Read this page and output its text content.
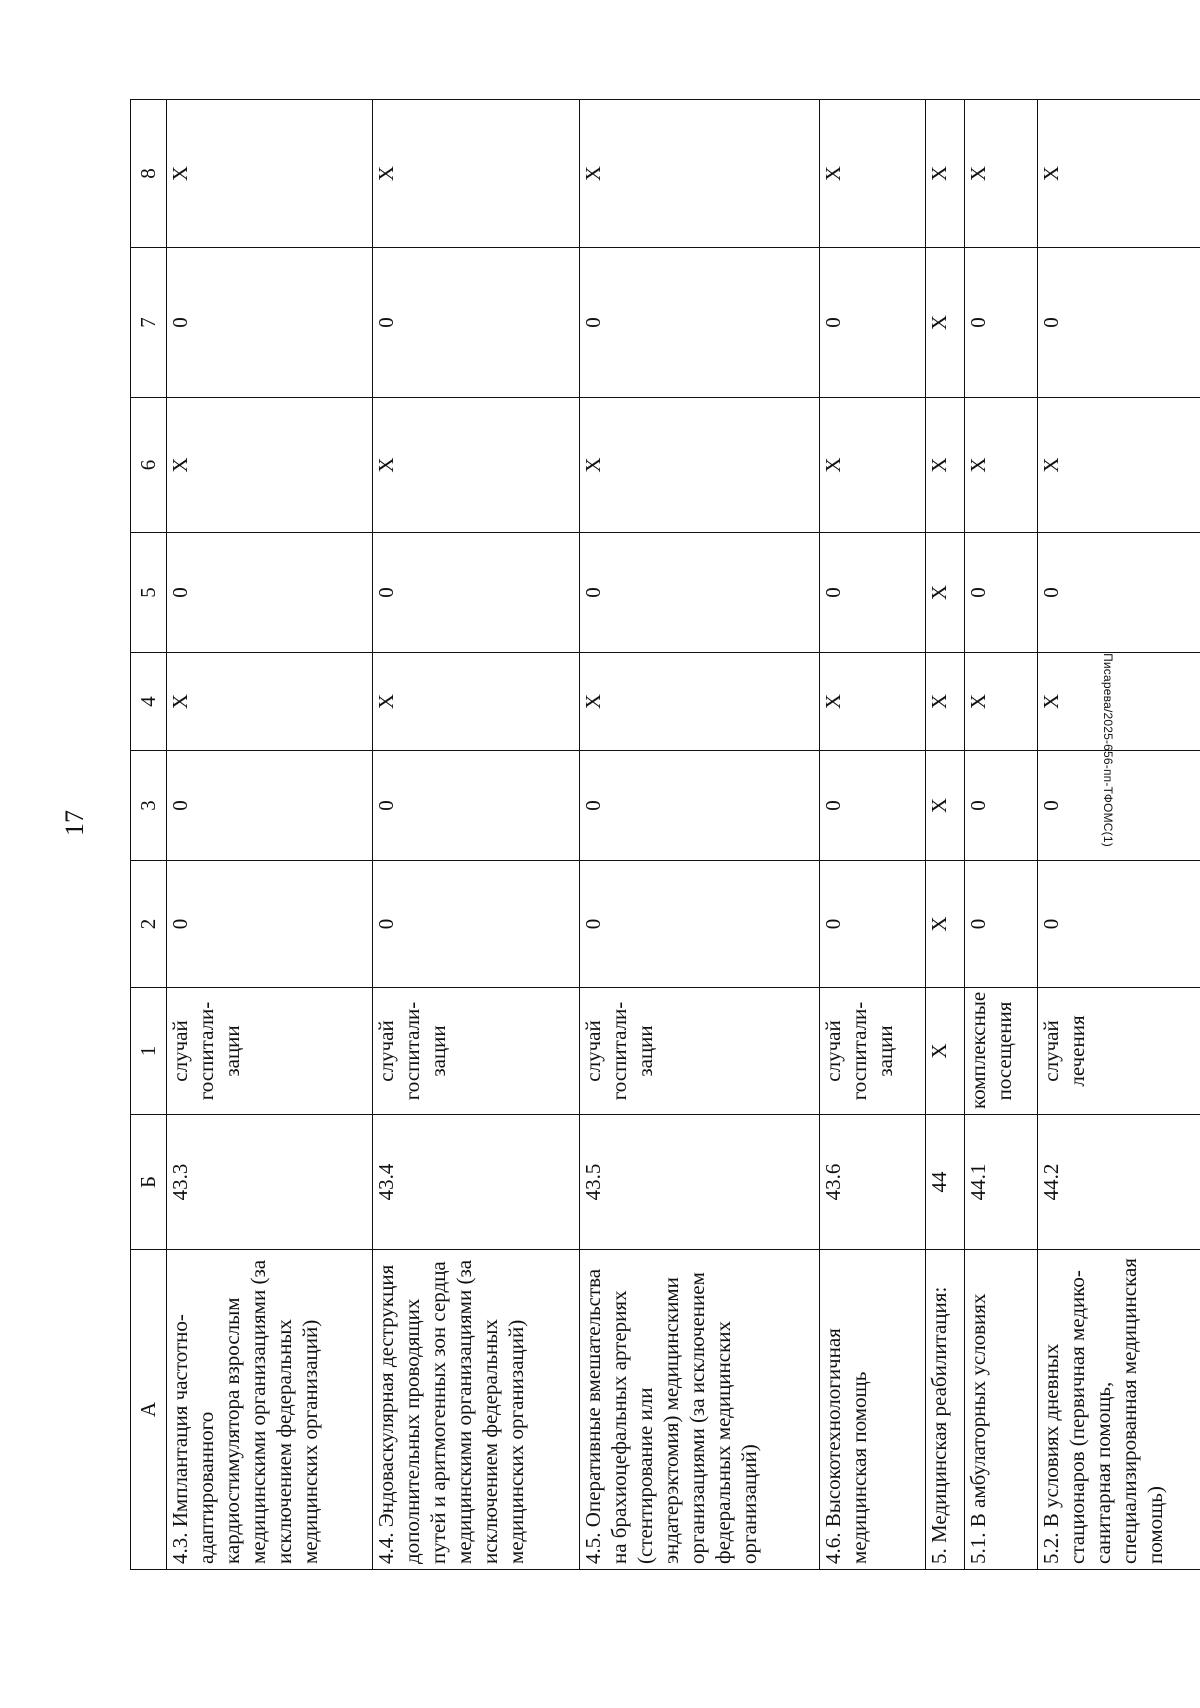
17	Писарева/2025-656-пп-ТФОМС(1)
А	Б	1	2	3	4	5	6	7	8
4.3. Имплантация частотно-адаптированного кардиостимулятора взрослым медицинскими организациями (за исключением федеральных медицинских организаций)	43.3	случай госпитали-зации	0	0	X	0	X	0	X
4.4. Эндоваскулярная деструкция дополнительных проводящих путей и аритмогенных зон сердца медицинскими организациями (за исключением федеральных медицинских организаций)	43.4	случай госпитали-зации	0	0	X	0	X	0	X
4.5. Оперативные вмешательства на брахиоцефальных артериях (стентирование или эндатерэктомия) медицинскими организациями (за исключением федеральных медицинских организаций)	43.5	случай госпитали-зации	0	0	X	0	X	0	X
4.6. Высокотехнологичная медицинская помощь	43.6	случай госпитали-зации	0	0	X	0	X	0	X
5. Медицинская реабилитация:	44	X	X	X	X	X	X	X	X
5.1. В амбулаторных условиях	44.1	комплексные посещения	0	0	X	0	X	0	X
5.2. В условиях дневных стационаров (первичная медико-санитарная помощь, специализированная медицинская помощь)	44.2	случай лечения	0	0	X	0	X	0	X
